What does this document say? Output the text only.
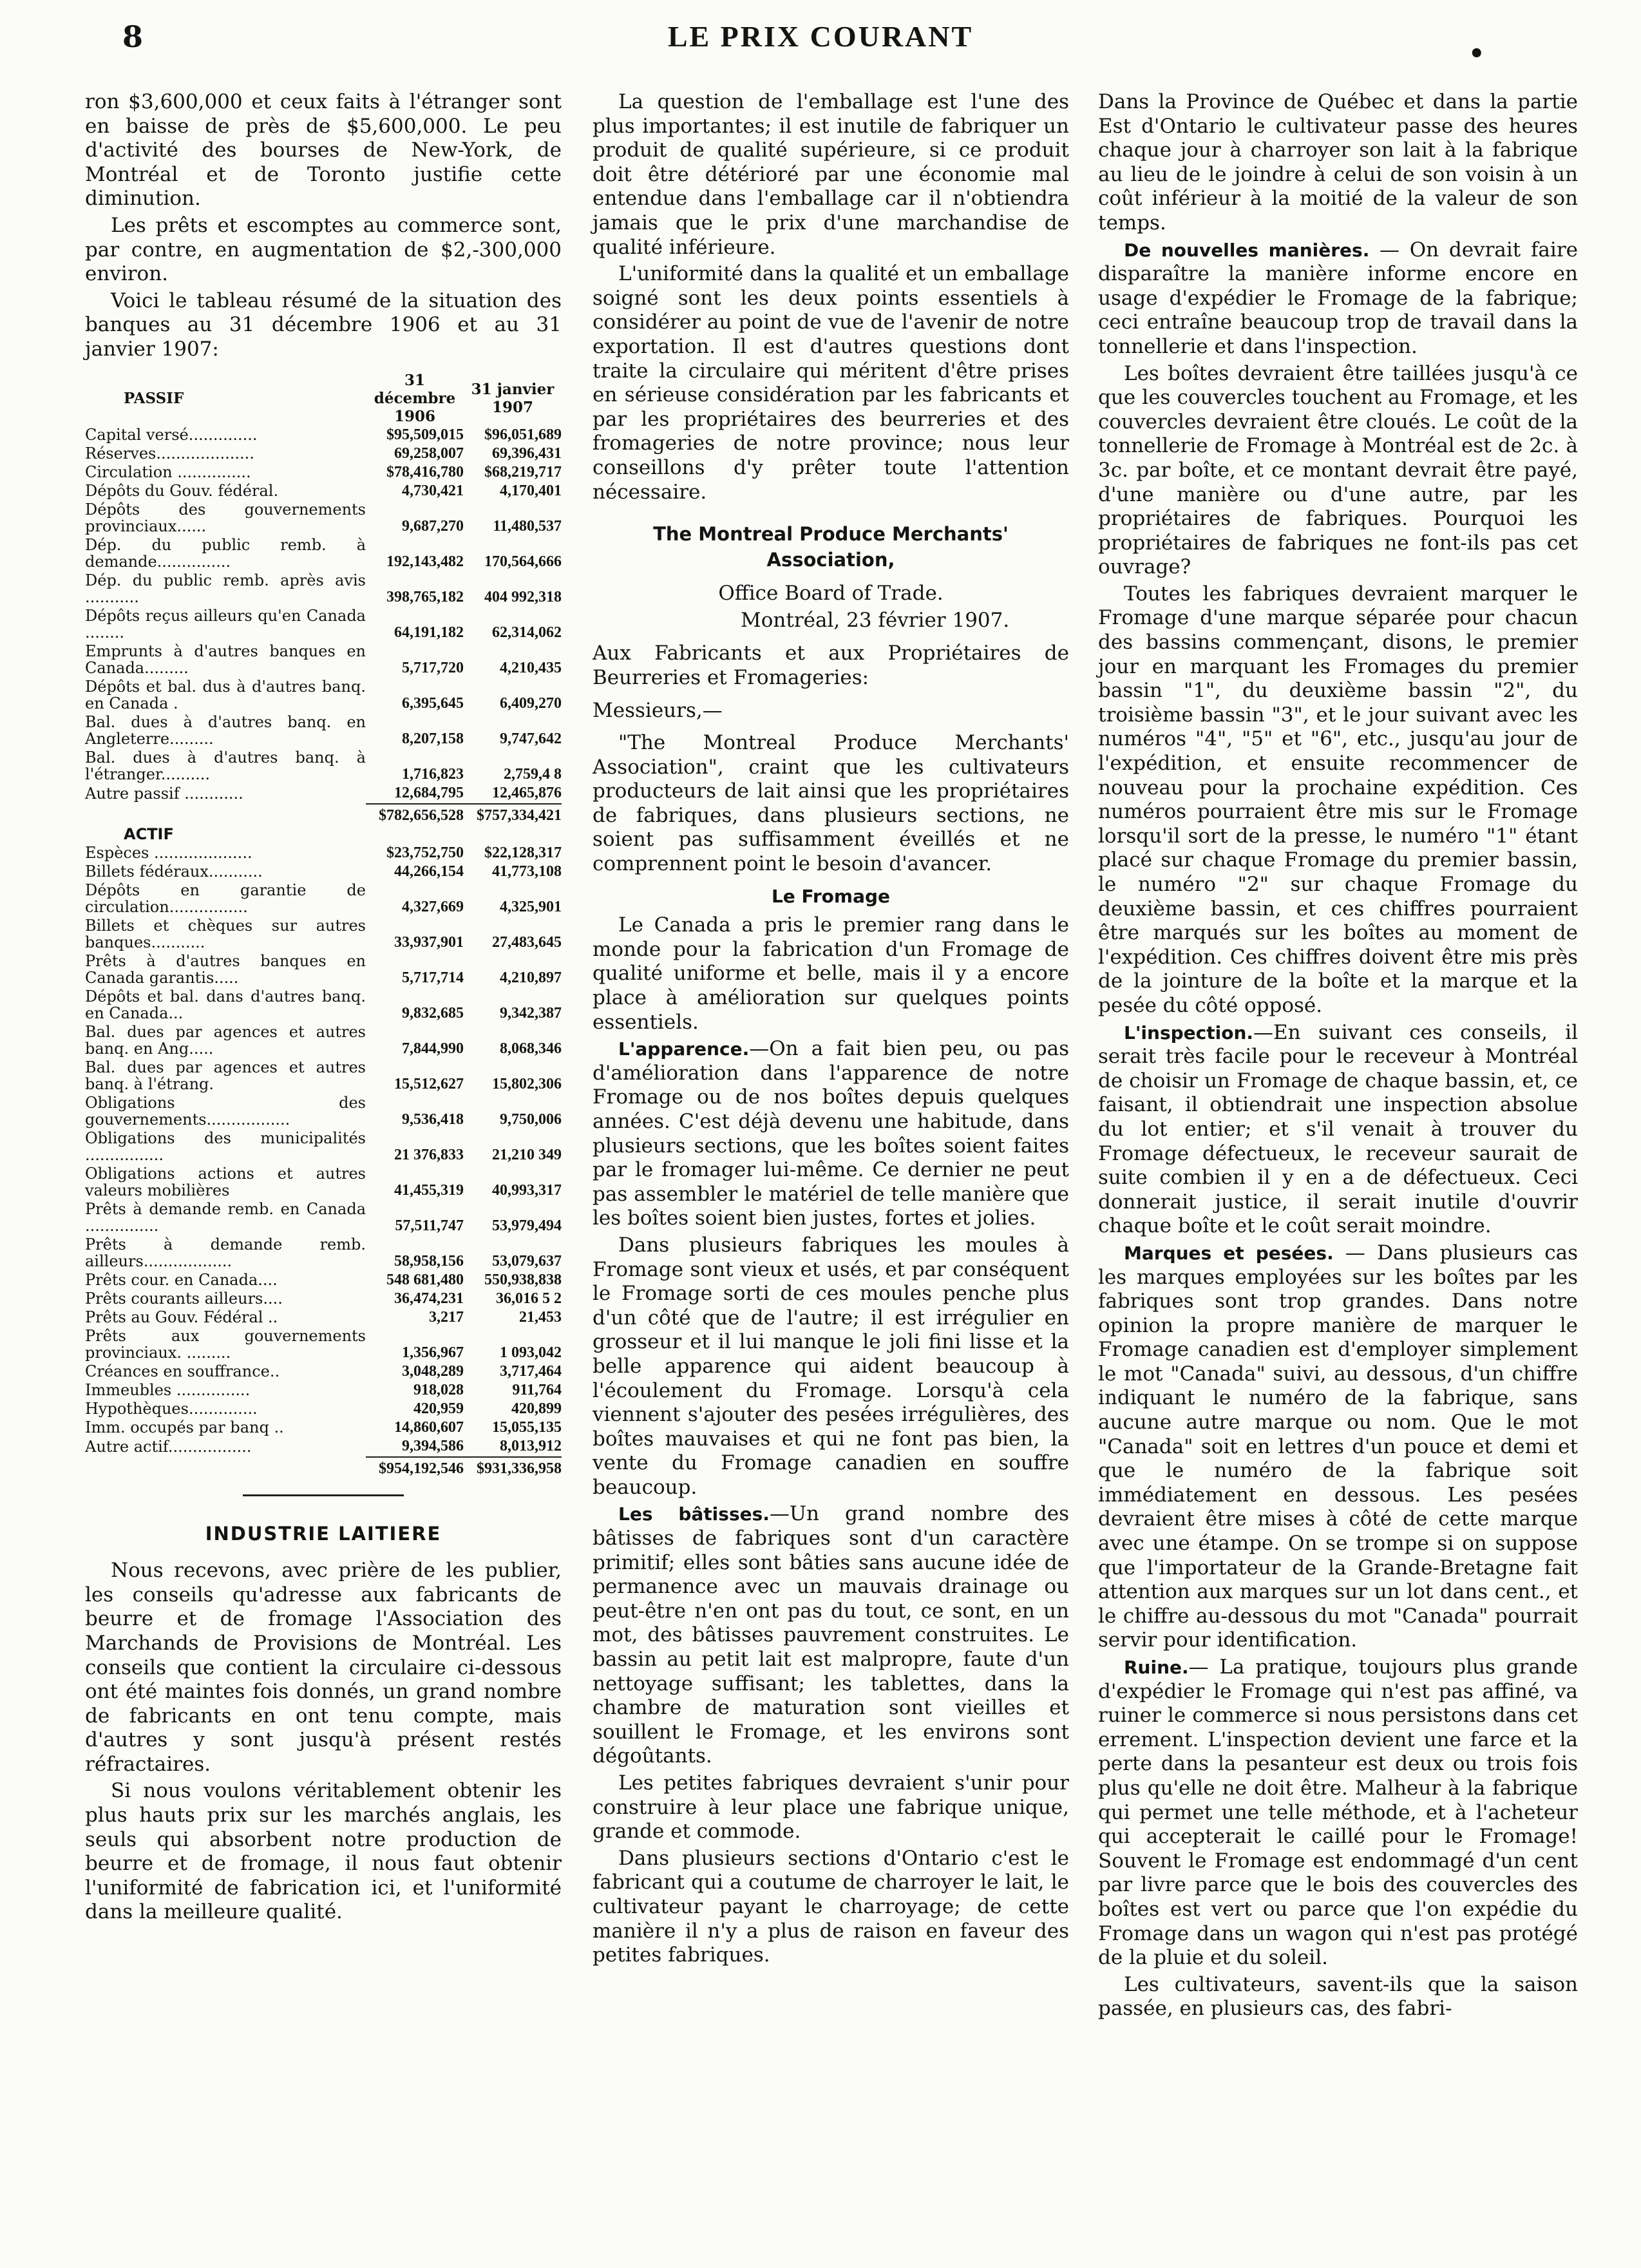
8	LE PRIX COURANT
•

ron $3,600,000 et ceux faits à l'étranger sont en baisse de près de $5,600,000. Le peu d'activité des bourses de New-York, de Montréal et de Toronto justifie cette diminution.

Les prêts et escomptes au commerce sont, par contre, en augmentation de $2,-300,000 environ.

Voici le tableau résumé de la situation des banques au 31 décembre 1906 et au 31 janvier 1907:

PASSIF	31 décembre 1906	31 janvier 1907
Capital versé..............	$95,509,015	$96,051,689
Réserves....................	69,258,007	69,396,431
Circulation ...............	$78,416,780	$68,219,717
Dépôts du Gouv. fédéral.	4,730,421	4,170,401
Dépôts des gouvernements provinciaux......	9,687,270	11,480,537
Dép. du public remb. à demande...............	192,143,482	170,564,666
Dép. du public remb. après avis ...........	398,765,182	404 992,318
Dépôts reçus ailleurs qu'en Canada ........	64,191,182	62,314,062
Emprunts à d'autres banques en Canada.........	5,717,720	4,210,435
Dépôts et bal. dus à d'autres banq. en Canada .	6,395,645	6,409,270
Bal. dues à d'autres banq. en Angleterre.........	8,207,158	9,747,642
Bal. dues à d'autres banq. à l'étranger..........	1,716,823	2,759,4 8
Autre passif ............	12,684,795	12,465,876
	$782,656,528	$757,334,421
ACTIF		
Espèces ....................	$23,752,750	$22,128,317
Billets fédéraux...........	44,266,154	41,773,108
Dépôts en garantie de circulation................	4,327,669	4,325,901
Billets et chèques sur autres banques...........	33,937,901	27,483,645
Prêts à d'autres banques en Canada garantis.....	5,717,714	4,210,897
Dépôts et bal. dans d'autres banq. en Canada...	9,832,685	9,342,387
Bal. dues par agences et autres banq. en Ang.....	7,844,990	8,068,346
Bal. dues par agences et autres banq. à l'étrang.	15,512,627	15,802,306
Obligations des gouvernements.................	9,536,418	9,750,006
Obligations des municipalités ................	21 376,833	21,210 349
Obligations actions et autres valeurs mobilières	41,455,319	40,993,317
Prêts à demande remb. en Canada ...............	57,511,747	53,979,494
Prêts à demande remb. ailleurs..................	58,958,156	53,079,637
Prêts cour. en Canada....	548 681,480	550,938,838
Prêts courants ailleurs....	36,474,231	36,016 5 2
Prêts au Gouv. Fédéral ..	3,217	21,453
Prêts aux gouvernements provinciaux. .........	1,356,967	1 093,042
Créances en souffrance..	3,048,289	3,717,464
Immeubles ...............	918,028	911,764
Hypothèques..............	420,959	420,899
Imm. occupés par banq ..	14,860,607	15,055,135
Autre actif.................	9,394,586	8,013,912
	$954,192,546	$931,336,958
INDUSTRIE LAITIERE

Nous recevons, avec prière de les publier, les conseils qu'adresse aux fabricants de beurre et de fromage l'Association des Marchands de Provisions de Montréal. Les conseils que contient la circulaire ci-dessous ont été maintes fois donnés, un grand nombre de fabricants en ont tenu compte, mais d'autres y sont jusqu'à présent restés réfractaires.

Si nous voulons véritablement obtenir les plus hauts prix sur les marchés anglais, les seuls qui absorbent notre production de beurre et de fromage, il nous faut obtenir l'uniformité de fabrication ici, et l'uniformité dans la meilleure qualité.

La question de l'emballage est l'une des plus importantes; il est inutile de fabriquer un produit de qualité supérieure, si ce produit doit être détérioré par une économie mal entendue dans l'emballage car il n'obtiendra jamais que le prix d'une marchandise de qualité inférieure.

L'uniformité dans la qualité et un emballage soigné sont les deux points essentiels à considérer au point de vue de l'avenir de notre exportation. Il est d'autres questions dont traite la circulaire qui méritent d'être prises en sérieuse considération par les fabricants et par les propriétaires des beurreries et des fromageries de notre province; nous leur conseillons d'y prêter toute l'attention nécessaire.

The Montreal Produce Merchants' Association,

Office Board of Trade.

Montréal, 23 février 1907.

Aux Fabricants et aux Propriétaires de Beurreries et Fromageries:

Messieurs,—

"The Montreal Produce Merchants' Association", craint que les cultivateurs producteurs de lait ainsi que les propriétaires de fabriques, dans plusieurs sections, ne soient pas suffisamment éveillés et ne comprennent point le besoin d'avancer.

Le Fromage

Le Canada a pris le premier rang dans le monde pour la fabrication d'un Fromage de qualité uniforme et belle, mais il y a encore place à amélioration sur quelques points essentiels.

L'apparence.—On a fait bien peu, ou pas d'amélioration dans l'apparence de notre Fromage ou de nos boîtes depuis quelques années. C'est déjà devenu une habitude, dans plusieurs sections, que les boîtes soient faites par le fromager lui-même. Ce dernier ne peut pas assembler le matériel de telle manière que les boîtes soient bien justes, fortes et jolies.

Dans plusieurs fabriques les moules à Fromage sont vieux et usés, et par conséquent le Fromage sorti de ces moules penche plus d'un côté que de l'autre; il est irrégulier en grosseur et il lui manque le joli fini lisse et la belle apparence qui aident beaucoup à l'écoulement du Fromage. Lorsqu'à cela viennent s'ajouter des pesées irrégulières, des boîtes mauvaises et qui ne font pas bien, la vente du Fromage canadien en souffre beaucoup.

Les bâtisses.—Un grand nombre des bâtisses de fabriques sont d'un caractère primitif; elles sont bâties sans aucune idée de permanence avec un mauvais drainage ou peut-être n'en ont pas du tout, ce sont, en un mot, des bâtisses pauvrement construites. Le bassin au petit lait est malpropre, faute d'un nettoyage suffisant; les tablettes, dans la chambre de maturation sont vieilles et souillent le Fromage, et les environs sont dégoûtants.

Les petites fabriques devraient s'unir pour construire à leur place une fabrique unique, grande et commode.

Dans plusieurs sections d'Ontario c'est le fabricant qui a coutume de charroyer le lait, le cultivateur payant le charroyage; de cette manière il n'y a plus de raison en faveur des petites fabriques.

Dans la Province de Québec et dans la partie Est d'Ontario le cultivateur passe des heures chaque jour à charroyer son lait à la fabrique au lieu de le joindre à celui de son voisin à un coût inférieur à la moitié de la valeur de son temps.

De nouvelles manières. — On devrait faire disparaître la manière informe encore en usage d'expédier le Fromage de la fabrique; ceci entraîne beaucoup trop de travail dans la tonnellerie et dans l'inspection.

Les boîtes devraient être taillées jusqu'à ce que les couvercles touchent au Fromage, et les couvercles devraient être cloués. Le coût de la tonnellerie de Fromage à Montréal est de 2c. à 3c. par boîte, et ce montant devrait être payé, d'une manière ou d'une autre, par les propriétaires de fabriques. Pourquoi les propriétaires de fabriques ne font-ils pas cet ouvrage?

Toutes les fabriques devraient marquer le Fromage d'une marque séparée pour chacun des bassins commençant, disons, le premier jour en marquant les Fromages du premier bassin "1", du deuxième bassin "2", du troisième bassin "3", et le jour suivant avec les numéros "4", "5" et "6", etc., jusqu'au jour de l'expédition, et ensuite recommencer de nouveau pour la prochaine expédition. Ces numéros pourraient être mis sur le Fromage lorsqu'il sort de la presse, le numéro "1" étant placé sur chaque Fromage du premier bassin, le numéro "2" sur chaque Fromage du deuxième bassin, et ces chiffres pourraient être marqués sur les boîtes au moment de l'expédition. Ces chiffres doivent être mis près de la jointure de la boîte et la marque et la pesée du côté opposé.

L'inspection.—En suivant ces conseils, il serait très facile pour le receveur à Montréal de choisir un Fromage de chaque bassin, et, ce faisant, il obtiendrait une inspection absolue du lot entier; et s'il venait à trouver du Fromage défectueux, le receveur saurait de suite combien il y en a de défectueux. Ceci donnerait justice, il serait inutile d'ouvrir chaque boîte et le coût serait moindre.

Marques et pesées. — Dans plusieurs cas les marques employées sur les boîtes par les fabriques sont trop grandes. Dans notre opinion la propre manière de marquer le Fromage canadien est d'employer simplement le mot "Canada" suivi, au dessous, d'un chiffre indiquant le numéro de la fabrique, sans aucune autre marque ou nom. Que le mot "Canada" soit en lettres d'un pouce et demi et que le numéro de la fabrique soit immédiatement en dessous. Les pesées devraient être mises à côté de cette marque avec une étampe. On se trompe si on suppose que l'importateur de la Grande-Bretagne fait attention aux marques sur un lot dans cent., et le chiffre au-dessous du mot "Canada" pourrait servir pour identification.

Ruine.— La pratique, toujours plus grande d'expédier le Fromage qui n'est pas affiné, va ruiner le commerce si nous persistons dans cet errement. L'inspection devient une farce et la perte dans la pesanteur est deux ou trois fois plus qu'elle ne doit être. Malheur à la fabrique qui permet une telle méthode, et à l'acheteur qui accepterait le caillé pour le Fromage! Souvent le Fromage est endommagé d'un cent par livre parce que le bois des couvercles des boîtes est vert ou parce que l'on expédie du Fromage dans un wagon qui n'est pas protégé de la pluie et du soleil.

Les cultivateurs, savent-ils que la saison passée, en plusieurs cas, des fabri-
